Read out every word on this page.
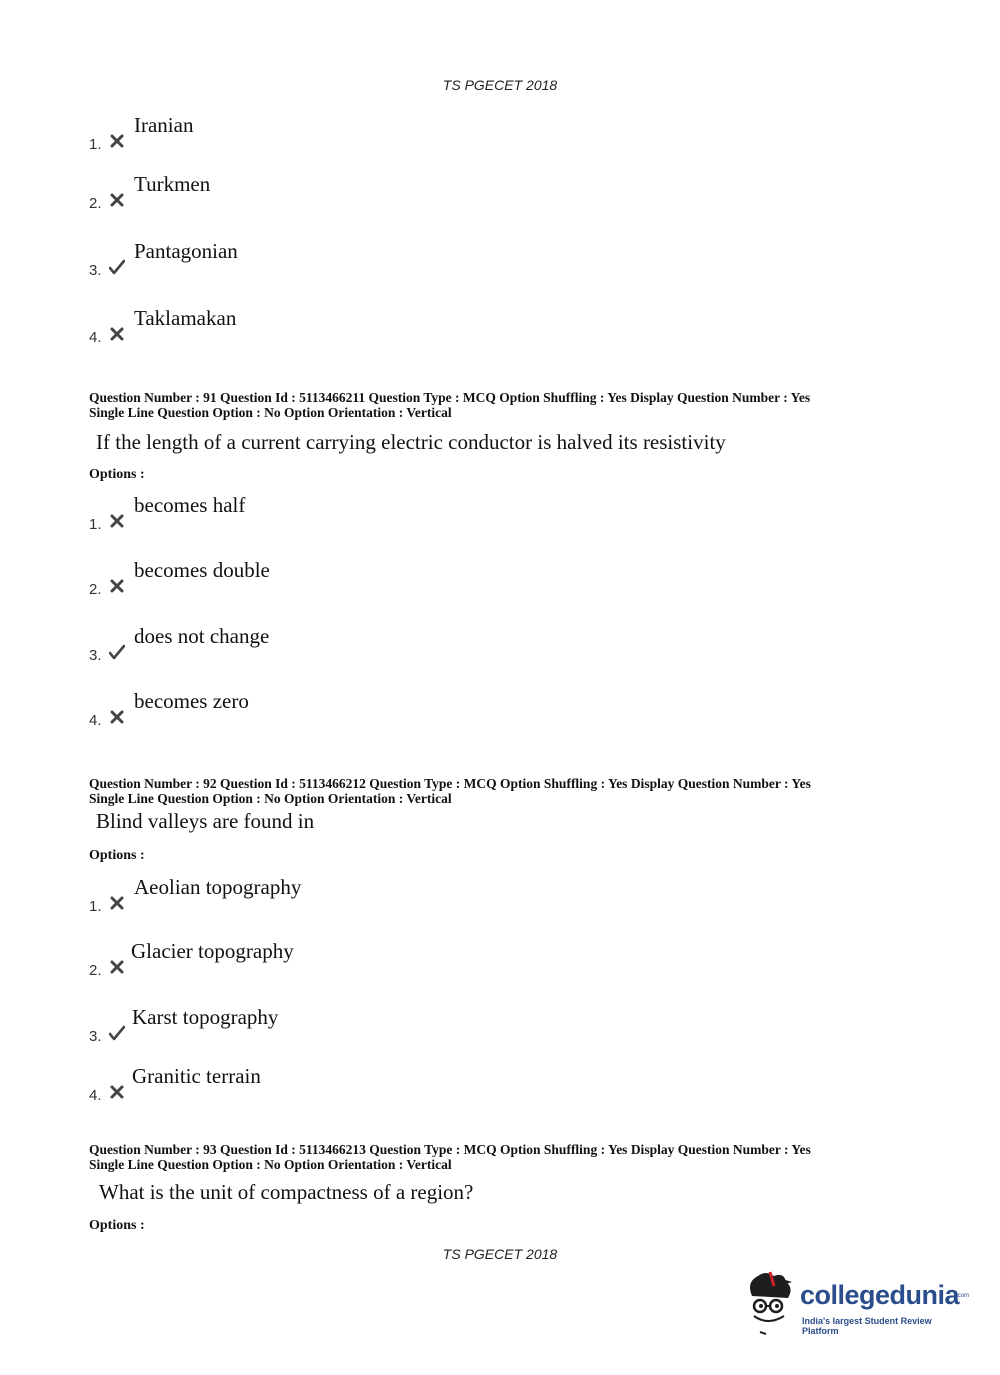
TS PGECET 2018
1.
Iranian
2.
Turkmen
3.
Pantagonian
4.
Taklamakan
Question Number : 91 Question Id : 5113466211 Question Type : MCQ Option Shuffling : Yes Display Question Number : Yes
Single Line Question Option : No Option Orientation : Vertical
If the length of a current carrying electric conductor is halved its resistivity
Options :
1.
becomes half
2.
becomes double
3.
does not change
4.
becomes zero
Question Number : 92 Question Id : 5113466212 Question Type : MCQ Option Shuffling : Yes Display Question Number : Yes
Single Line Question Option : No Option Orientation : Vertical
Blind valleys are found in
Options :
1.
Aeolian topography
2.
Glacier topography
3.
Karst topography
4.
Granitic terrain
Question Number : 93 Question Id : 5113466213 Question Type : MCQ Option Shuffling : Yes Display Question Number : Yes
Single Line Question Option : No Option Orientation : Vertical
What is the unit of compactness of a region?
Options :
TS PGECET 2018
collegedunia
.com
India's largest Student Review Platform
